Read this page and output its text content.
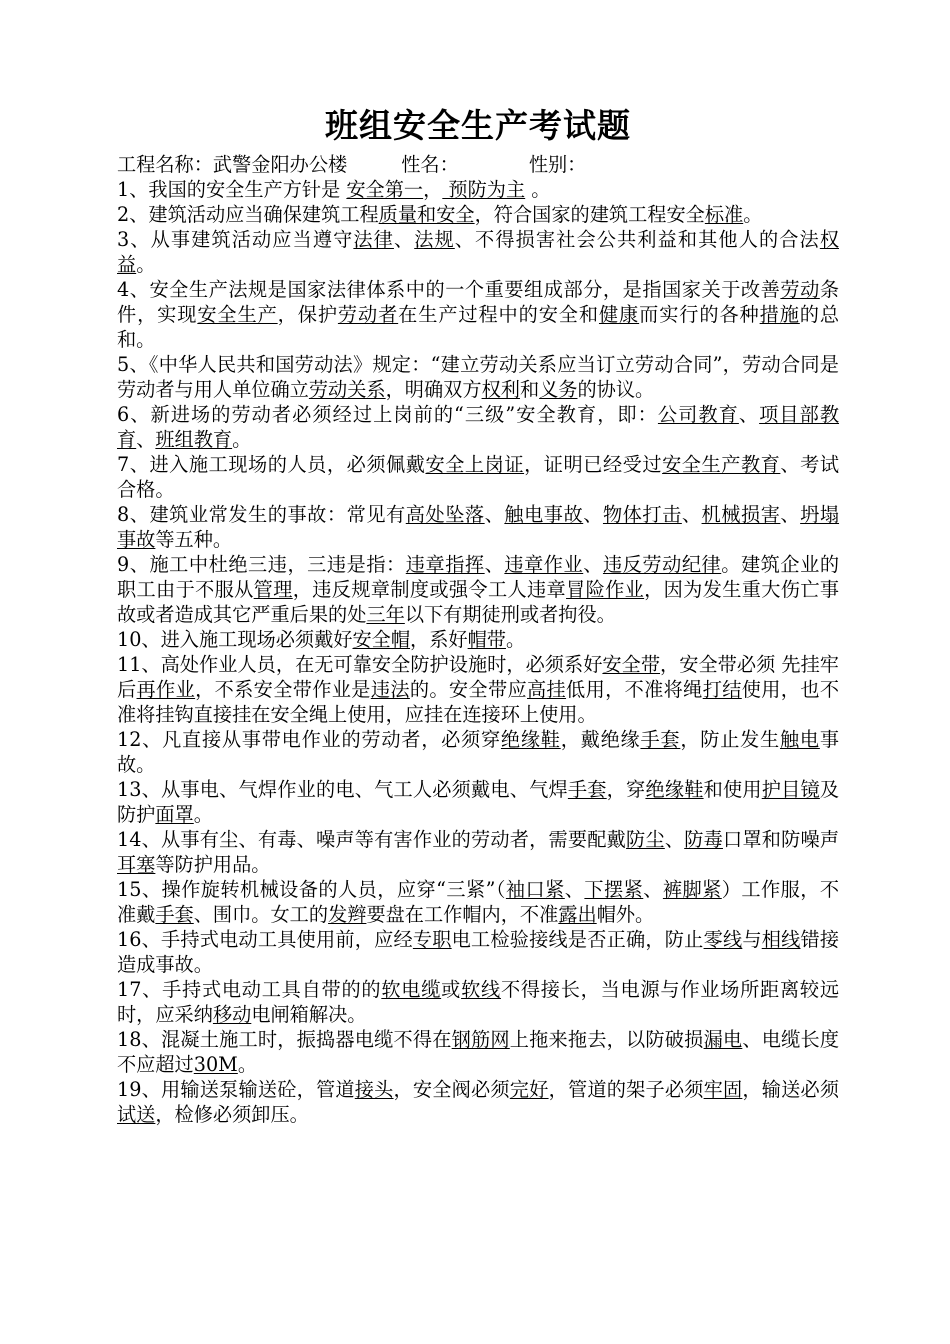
班组安全生产考试题
工程名称：武警金阳办公楼	性名：	性别：

1、我国的安全生产方针是 安全第一， 预防为主 。

2、建筑活动应当确保建筑工程质量和安全，符合国家的建筑工程安全标准。

3、从事建筑活动应当遵守法律、法规、不得损害社会公共利益和其他人的合法权益。

4、安全生产法规是国家法律体系中的一个重要组成部分，是指国家关于改善劳动条件，实现安全生产，保护劳动者在生产过程中的安全和健康而实行的各种措施的总和。

5、《中华人民共和国劳动法》规定：“建立劳动关系应当订立劳动合同”，劳动合同是劳动者与用人单位确立劳动关系，明确双方权利和义务的协议。

6、新进场的劳动者必须经过上岗前的“三级”安全教育，即：公司教育、项目部教育、班组教育。

7、进入施工现场的人员，必须佩戴安全上岗证，证明已经受过安全生产教育、考试合格。

8、建筑业常发生的事故：常见有高处坠落、触电事故、物体打击、机械损害、坍塌事故等五种。

9、施工中杜绝三违，三违是指：违章指挥、违章作业、违反劳动纪律。建筑企业的职工由于不服从管理，违反规章制度或强令工人违章冒险作业，因为发生重大伤亡事故或者造成其它严重后果的处三年以下有期徒刑或者拘役。

10、进入施工现场必须戴好安全帽，系好帽带。

11、高处作业人员，在无可靠安全防护设施时，必须系好安全带，安全带必须 先挂牢后再作业，不系安全带作业是违法的。安全带应高挂低用，不准将绳打结使用，也不准将挂钩直接挂在安全绳上使用，应挂在连接环上使用。

12、凡直接从事带电作业的劳动者，必须穿绝缘鞋，戴绝缘手套，防止发生触电事故。

13、从事电、气焊作业的电、气工人必须戴电、气焊手套，穿绝缘鞋和使用护目镜及防护面罩。

14、从事有尘、有毒、噪声等有害作业的劳动者，需要配戴防尘、防毒口罩和防噪声耳塞等防护用品。

15、操作旋转机械设备的人员，应穿“三紧”（袖口紧、下摆紧、裤脚紧）工作服，不准戴手套、围巾。女工的发辫要盘在工作帽内，不准露出帽外。

16、手持式电动工具使用前，应经专职电工检验接线是否正确，防止零线与相线错接造成事故。

17、手持式电动工具自带的的软电缆或软线不得接长，当电源与作业场所距离较远时，应采纳移动电闸箱解决。

18、混凝土施工时，振捣器电缆不得在钢筋网上拖来拖去，以防破损漏电、电缆长度不应超过30M。

19、用输送泵输送砼，管道接头，安全阀必须完好，管道的架子必须牢固，输送必须试送，检修必须卸压。
